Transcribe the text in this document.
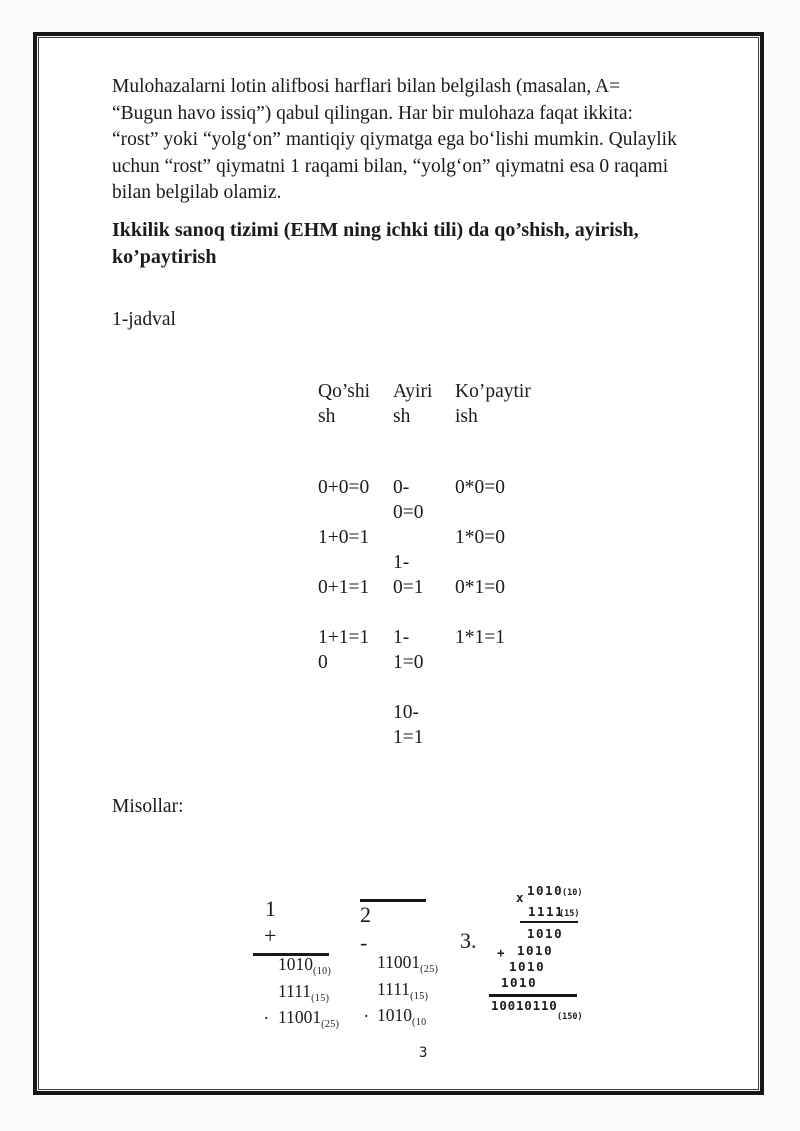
Mulohazalarni lotin alifbosi harflari bilan belgilash (masalan, A=
“Bugun havo issiq”) qabul qilingan. Har bir mulohaza faqat ikkita:
“rost” yoki “yolgʻon” mantiqiy qiymatga ega boʻlishi mumkin. Qulaylik
uchun “rost” qiymatni 1 raqami bilan, “yolgʻon” qiymatni esa 0 raqami
bilan belgilab olamiz.
Ikkilik sanoq tizimi (EHM ning ichki tili) da qo’shish, ayirish,
ko’paytirish
1-jadval
Qo’shi
sh
0+0=0

1+0=1

0+1=1

1+1=1
0
Ayiri
sh
0-
0=0

1-
0=1

1-
1=0

10-
1=1
Ko’paytir
ish
0*0=0

1*0=0

0*1=0

1*1=1
Misollar:
1
+
$1010_{(10)}$
$1111_{(15)}$
$11001_{(25)}$
.
2
-
$11001_{(25)}$
$1111_{(15)}$
$1010_{(10}$
.
3.
x 1010
(10)
1111
(15)
1010
+ 1010
1010
1010
10010110
(150)
3
